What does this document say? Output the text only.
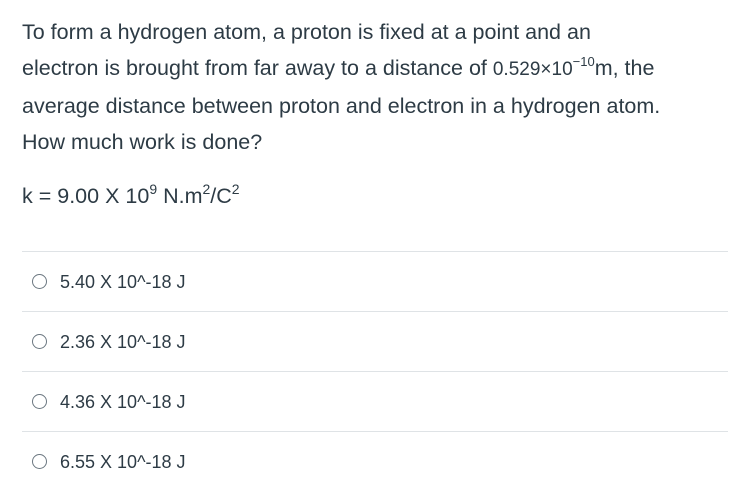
To form a hydrogen atom, a proton is fixed at a point and an
electron is brought from far away to a distance of $0.529\times 10^{-10}m$, the
average distance between proton and electron in a hydrogen atom.
How much work is done?
k = 9.00 X $10^9$ $N.m^2/C^2$
5.40 X 10^-18 J
2.36 X 10^-18 J
4.36 X 10^-18 J
6.55 X 10^-18 J
